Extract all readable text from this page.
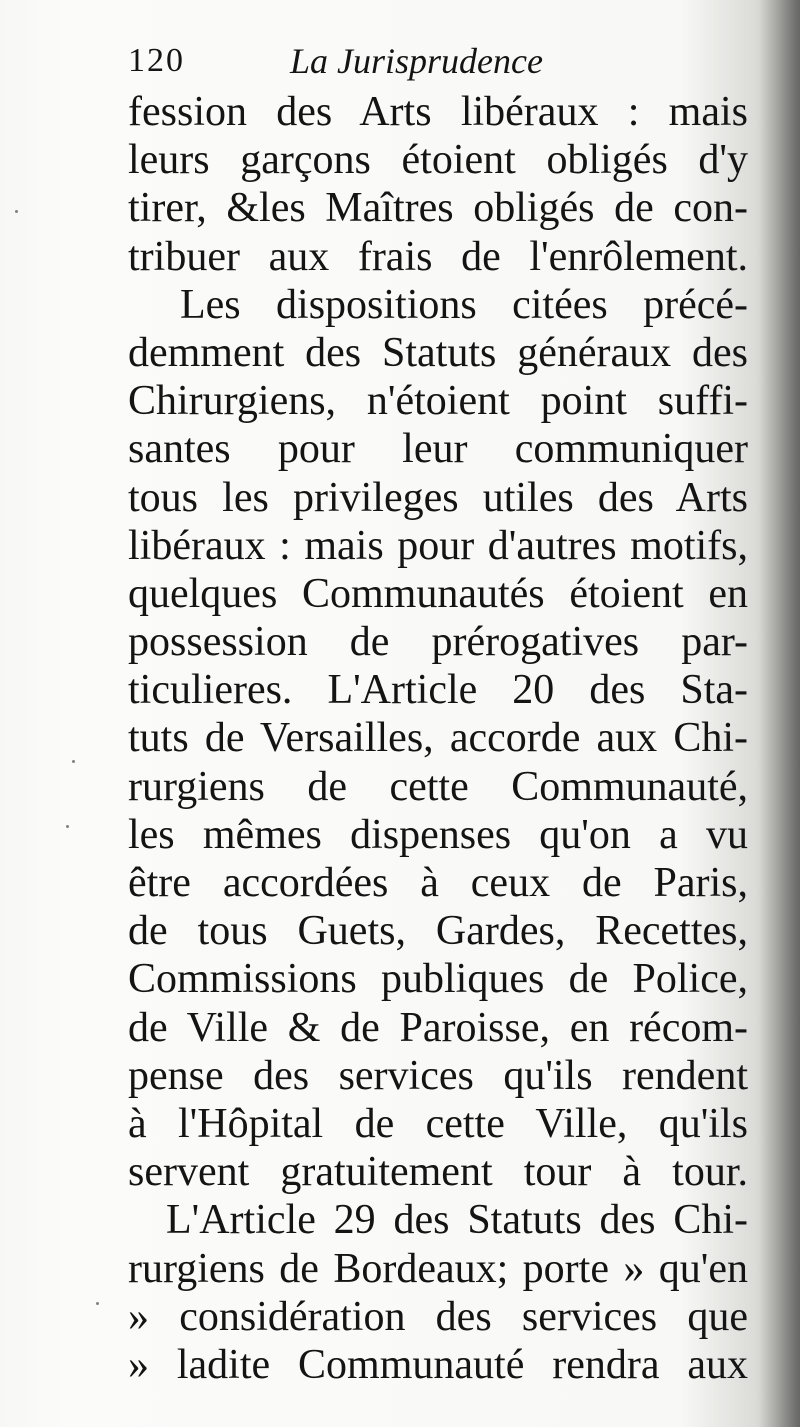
120	La Jurisprudence
fession des Arts libéraux : mais
leurs garçons étoient obligés d'y
tirer, &les Maîtres obligés de con-
tribuer aux frais de l'enrôlement.
Les dispositions citées précé-
demment des Statuts généraux des
Chirurgiens, n'étoient point suffi-
santes pour leur communiquer
tous les privileges utiles des Arts
libéraux : mais pour d'autres motifs,
quelques Communautés étoient en
possession de prérogatives par-
ticulieres. L'Article 20 des Sta-
tuts de Versailles, accorde aux Chi-
rurgiens de cette Communauté,
les mêmes dispenses qu'on a vu
être accordées à ceux de Paris,
de tous Guets, Gardes, Recettes,
Commissions publiques de Police,
de Ville & de Paroisse, en récom-
pense des services qu'ils rendent
à l'Hôpital de cette Ville, qu'ils
servent gratuitement tour à tour.
L'Article 29 des Statuts des Chi-
rurgiens de Bordeaux; porte » qu'en
» considération des services que
» ladite Communauté rendra aux
